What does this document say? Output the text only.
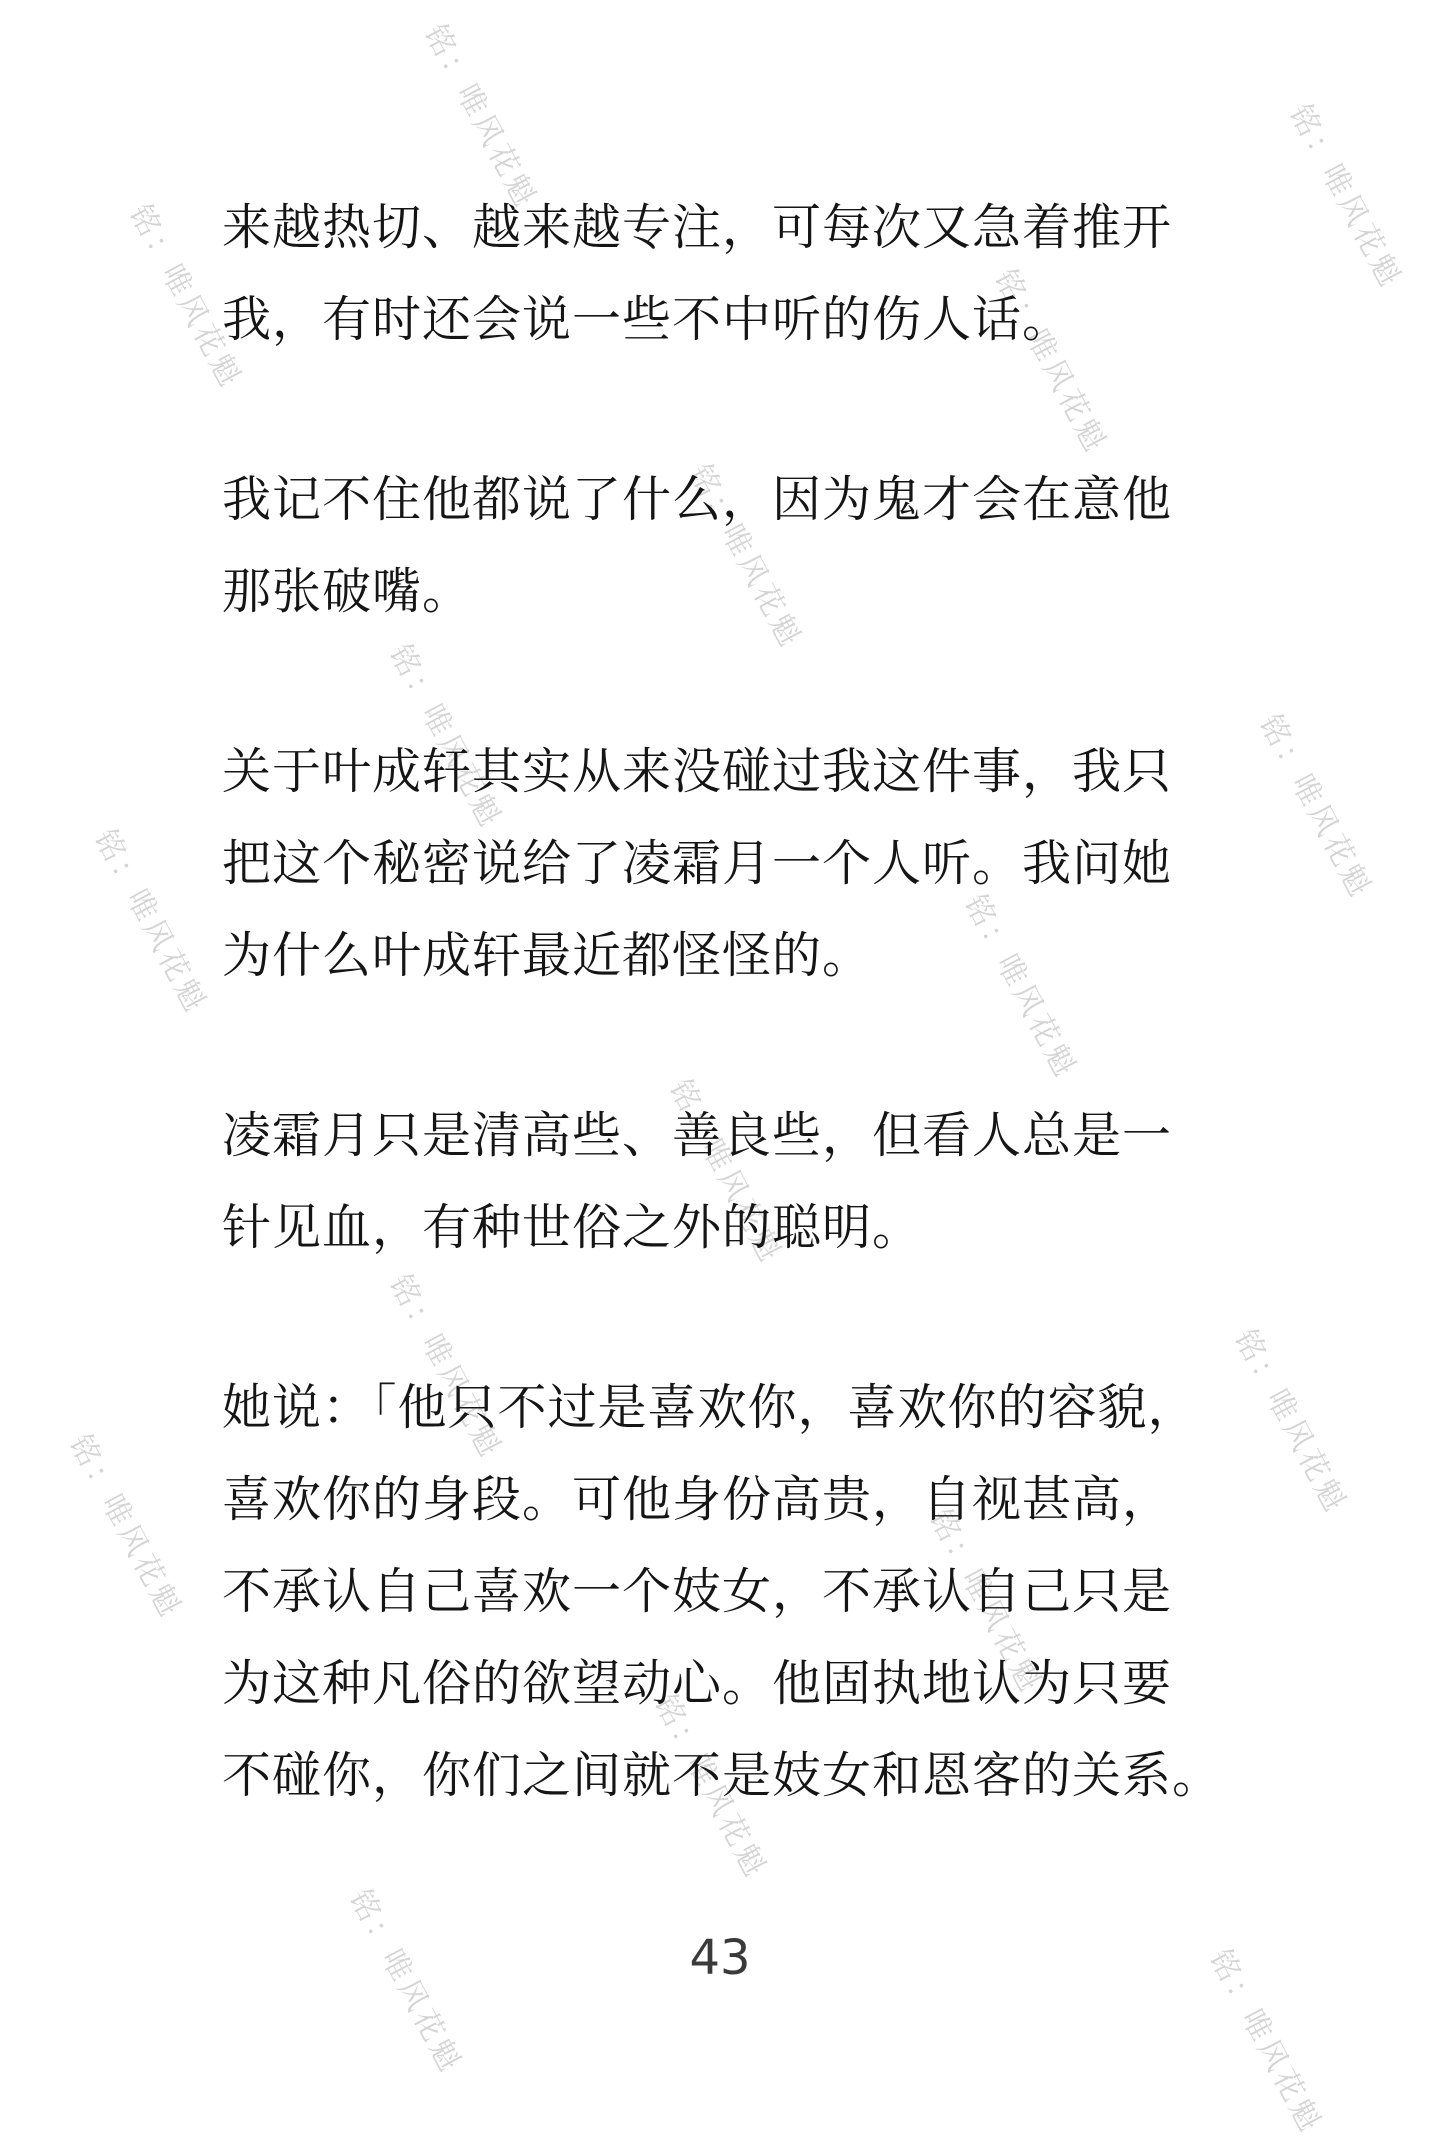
铭：唯风花魁	铭：唯风花魁
铭：唯风花魁	铭：唯风花魁
铭：唯风花魁
铭：唯风花魁	铭：唯风花魁
铭：唯风花魁	铭：唯风花魁
铭：唯风花魁
铭：唯风花魁	铭：唯风花魁
铭：唯风花魁	铭：唯风花魁
铭：唯风花魁
铭：唯风花魁	铭：唯风花魁

来越热切、越来越专注，可每次又急着推开
我，有时还会说一些不中听的伤人话。

我记不住他都说了什么，因为鬼才会在意他
那张破嘴。

关于叶成轩其实从来没碰过我这件事，我只
把这个秘密说给了凌霜月一个人听。我问她
为什么叶成轩最近都怪怪的。

凌霜月只是清高些、善良些，但看人总是一
针见血，有种世俗之外的聪明。

她说：「他只不过是喜欢你，喜欢你的容貌，
喜欢你的身段。可他身份高贵，自视甚高，
不承认自己喜欢一个妓女，不承认自己只是
为这种凡俗的欲望动心。他固执地认为只要
不碰你，你们之间就不是妓女和恩客的关系。

43
